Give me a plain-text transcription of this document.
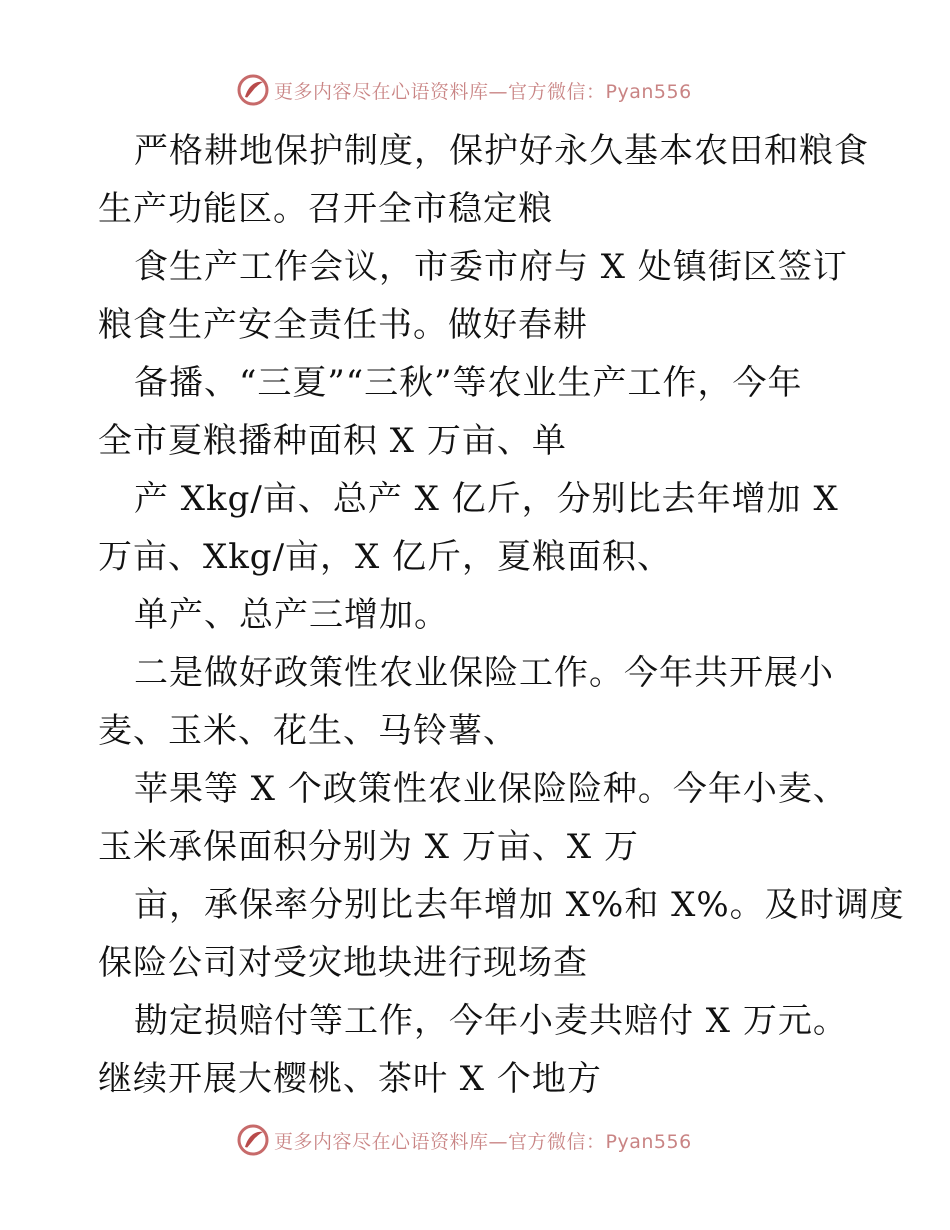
更多内容尽在心语资料库—官方微信：Pyan556
严格耕地保护制度，保护好永久基本农田和粮食
生产功能区。召开全市稳定粮
食生产工作会议，市委市府与 X 处镇街区签订
粮食生产安全责任书。做好春耕
备播、“三夏”“三秋”等农业生产工作，今年
全市夏粮播种面积 X 万亩、单
产 Xkg/亩、总产 X 亿斤，分别比去年增加 X
万亩、Xkg/亩，X 亿斤，夏粮面积、
单产、总产三增加。
二是做好政策性农业保险工作。今年共开展小
麦、玉米、花生、马铃薯、
苹果等 X 个政策性农业保险险种。今年小麦、
玉米承保面积分别为 X 万亩、X 万
亩，承保率分别比去年增加 X%和 X%。及时调度
保险公司对受灾地块进行现场查
勘定损赔付等工作，今年小麦共赔付 X 万元。
继续开展大樱桃、茶叶 X 个地方
更多内容尽在心语资料库—官方微信：Pyan556
